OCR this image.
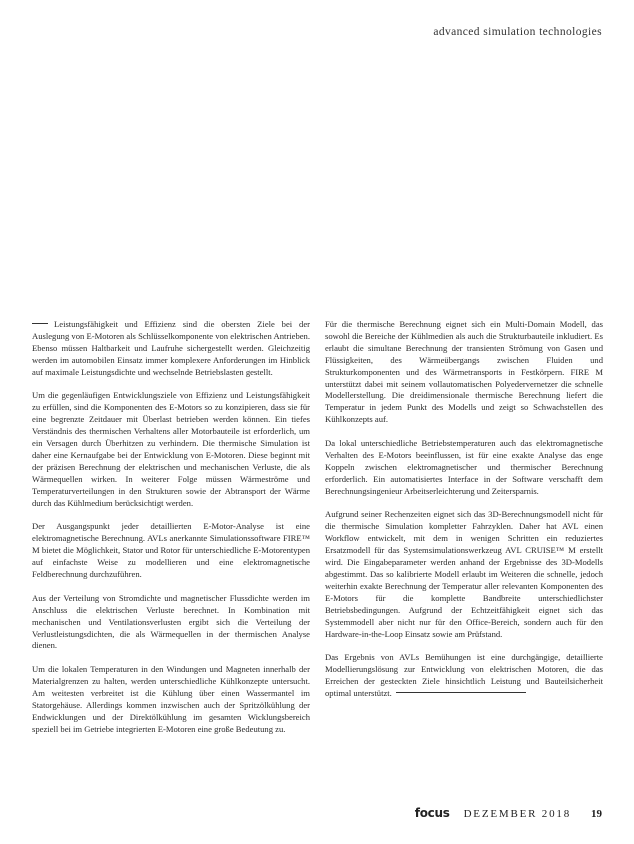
advanced simulation technologies

Leistungsfähigkeit und Effizienz sind die obersten Ziele bei der Auslegung von E-Motoren als Schlüsselkomponente von elektrischen Antrieben. Ebenso müssen Haltbarkeit und Laufruhe sichergestellt werden. Gleichzeitig werden im automobilen Einsatz immer komplexere Anforderungen im Hinblick auf maximale Leistungsdichte und wechselnde Betriebslasten gestellt.

Um die gegenläufigen Entwicklungsziele von Effizienz und Leistungsfähigkeit zu erfüllen, sind die Komponenten des E-Motors so zu konzipieren, dass sie für eine begrenzte Zeitdauer mit Überlast betrieben werden können. Ein tiefes Verständnis des thermischen Verhaltens aller Motorbauteile ist erforderlich, um ein Versagen durch Überhitzen zu verhindern. Die thermische Simulation ist daher eine Kernaufgabe bei der Entwicklung von E-Motoren. Diese beginnt mit der präzisen Berechnung der elektrischen und mechanischen Verluste, die als Wärmequellen wirken. In weiterer Folge müssen Wärmeströme und Temperaturverteilungen in den Strukturen sowie der Abtransport der Wärme durch das Kühlmedium berücksichtigt werden.

Der Ausgangspunkt jeder detaillierten E-Motor-Analyse ist eine elektromagnetische Berechnung. AVLs anerkannte Simulationssoftware FIRE™ M bietet die Möglichkeit, Stator und Rotor für unterschiedliche E-Motorentypen auf einfachste Weise zu modellieren und eine elektromagnetische Feldberechnung durchzuführen.

Aus der Verteilung von Stromdichte und magnetischer Flussdichte werden im Anschluss die elektrischen Verluste berechnet. In Kombination mit mechanischen und Ventilationsverlusten ergibt sich die Verteilung der Verlustleistungsdichten, die als Wärmequellen in der thermischen Analyse dienen.

Um die lokalen Temperaturen in den Windungen und Magneten innerhalb der Materialgrenzen zu halten, werden unterschiedliche Kühlkonzepte untersucht. Am weitesten verbreitet ist die Kühlung über einen Wassermantel im Statorgehäuse. Allerdings kommen inzwischen auch der Spritzölkühlung der Endwicklungen und der Direktölkühlung im gesamten Wicklungsbereich speziell bei im Getriebe integrierten E-Motoren eine große Bedeutung zu.

Für die thermische Berechnung eignet sich ein Multi-Domain Modell, das sowohl die Bereiche der Kühlmedien als auch die Strukturbauteile inkludiert. Es erlaubt die simultane Berechnung der transienten Strömung von Gasen und Flüssigkeiten, des Wärmeübergangs zwischen Fluiden und Strukturkomponenten und des Wärmetransports in Festkörpern. FIRE M unterstützt dabei mit seinem vollautomatischen Polyedervernetzer die schnelle Modellerstellung. Die dreidimensionale thermische Berechnung liefert die Temperatur in jedem Punkt des Modells und zeigt so Schwachstellen des Kühlkonzepts auf.

Da lokal unterschiedliche Betriebstemperaturen auch das elektromagnetische Verhalten des E-Motors beeinflussen, ist für eine exakte Analyse das enge Koppeln zwischen elektromagnetischer und thermischer Berechnung erforderlich. Ein automatisiertes Interface in der Software verschafft dem Berechnungsingenieur Arbeitserleichterung und Zeitersparnis.

Aufgrund seiner Rechenzeiten eignet sich das 3D-Berechnungsmodell nicht für die thermische Simulation kompletter Fahrzyklen. Daher hat AVL einen Workflow entwickelt, mit dem in wenigen Schritten ein reduziertes Ersatzmodell für das Systemsimulationswerkzeug AVL CRUISE™ M erstellt wird. Die Eingabeparameter werden anhand der Ergebnisse des 3D-Modells abgestimmt. Das so kalibrierte Modell erlaubt im Weiteren die schnelle, jedoch weiterhin exakte Berechnung der Temperatur aller relevanten Komponenten des E-Motors für die komplette Bandbreite unterschiedlichster Betriebsbedingungen. Aufgrund der Echtzeitfähigkeit eignet sich das Systemmodell aber nicht nur für den Office-Bereich, sondern auch für den Hardware-in-the-Loop Einsatz sowie am Prüfstand.

Das Ergebnis von AVLs Bemühungen ist eine durchgängige, detaillierte Modellierungslösung zur Entwicklung von elektrischen Motoren, die das Erreichen der gesteckten Ziele hinsichtlich Leistung und Bauteilsicherheit optimal unterstützt.

focus DEZEMBER 2018 19
